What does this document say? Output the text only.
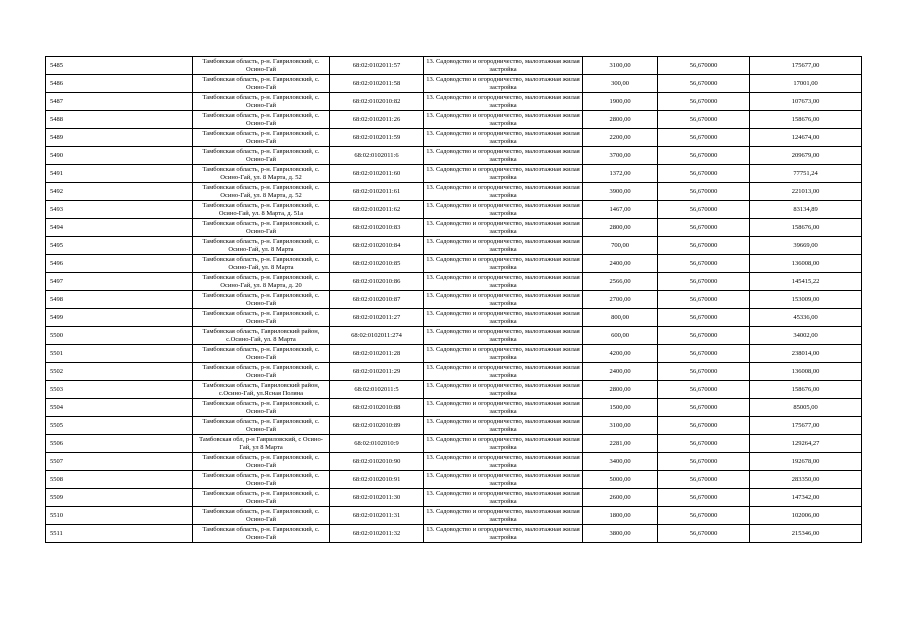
5485	Тамбовская область, р-н. Гавриловский, с. Осино-Гай	68:02:0102011:57	13. Садоводство и огородничество, малоэтажная жилая застройка	3100,00	56,670000	175677,00
5486	Тамбовская область, р-н. Гавриловский, с. Осино-Гай	68:02:0102011:58	13. Садоводство и огородничество, малоэтажная жилая застройка	300,00	56,670000	17001,00
5487	Тамбовская область, р-н. Гавриловский, с. Осино-Гай	68:02:0102010:82	13. Садоводство и огородничество, малоэтажная жилая застройка	1900,00	56,670000	107673,00
5488	Тамбовская область, р-н. Гавриловский, с. Осино-Гай	68:02:0102011:26	13. Садоводство и огородничество, малоэтажная жилая застройка	2800,00	56,670000	158676,00
5489	Тамбовская область, р-н. Гавриловский, с. Осино-Гай	68:02:0102011:59	13. Садоводство и огородничество, малоэтажная жилая застройка	2200,00	56,670000	124674,00
5490	Тамбовская область, р-н. Гавриловский, с. Осино-Гай	68:02:0102011:6	13. Садоводство и огородничество, малоэтажная жилая застройка	3700,00	56,670000	209679,00
5491	Тамбовская область, р-н. Гавриловский, с. Осино-Гай, ул. 8 Марта, д. 52	68:02:0102011:60	13. Садоводство и огородничество, малоэтажная жилая застройка	1372,00	56,670000	77751,24
5492	Тамбовская область, р-н. Гавриловский, с. Осино-Гай, ул. 8 Марта, д. 52	68:02:0102011:61	13. Садоводство и огородничество, малоэтажная жилая застройка	3900,00	56,670000	221013,00
5493	Тамбовская область, р-н. Гавриловский, с. Осино-Гай, ул. 8 Марта, д. 51а	68:02:0102011:62	13. Садоводство и огородничество, малоэтажная жилая застройка	1467,00	56,670000	83134,89
5494	Тамбовская область, р-н. Гавриловский, с. Осино-Гай	68:02:0102010:83	13. Садоводство и огородничество, малоэтажная жилая застройка	2800,00	56,670000	158676,00
5495	Тамбовская область, р-н. Гавриловский, с. Осино-Гай, ул. 8 Марта	68:02:0102010:84	13. Садоводство и огородничество, малоэтажная жилая застройка	700,00	56,670000	39669,00
5496	Тамбовская область, р-н. Гавриловский, с. Осино-Гай, ул. 8 Марта	68:02:0102010:85	13. Садоводство и огородничество, малоэтажная жилая застройка	2400,00	56,670000	136008,00
5497	Тамбовская область, р-н. Гавриловский, с. Осино-Гай, ул. 8 Марта, д. 20	68:02:0102010:86	13. Садоводство и огородничество, малоэтажная жилая застройка	2566,00	56,670000	145415,22
5498	Тамбовская область, р-н. Гавриловский, с. Осино-Гай	68:02:0102010:87	13. Садоводство и огородничество, малоэтажная жилая застройка	2700,00	56,670000	153009,00
5499	Тамбовская область, р-н. Гавриловский, с. Осино-Гай	68:02:0102011:27	13. Садоводство и огородничество, малоэтажная жилая застройка	800,00	56,670000	45336,00
5500	Тамбовская область, Гавриловский район, с.Осино-Гай, ул. 8 Марта	68:02:0102011:274	13. Садоводство и огородничество, малоэтажная жилая застройка	600,00	56,670000	34002,00
5501	Тамбовская область, р-н. Гавриловский, с. Осино-Гай	68:02:0102011:28	13. Садоводство и огородничество, малоэтажная жилая застройка	4200,00	56,670000	238014,00
5502	Тамбовская область, р-н. Гавриловский, с. Осино-Гай	68:02:0102011:29	13. Садоводство и огородничество, малоэтажная жилая застройка	2400,00	56,670000	136008,00
5503	Тамбовская область, Гавриловский район, с.Осино-Гай, ул.Ясная Поляна	68:02:0102011:5	13. Садоводство и огородничество, малоэтажная жилая застройка	2800,00	56,670000	158676,00
5504	Тамбовская область, р-н. Гавриловский, с. Осино-Гай	68:02:0102010:88	13. Садоводство и огородничество, малоэтажная жилая застройка	1500,00	56,670000	85005,00
5505	Тамбовская область, р-н. Гавриловский, с. Осино-Гай	68:02:0102010:89	13. Садоводство и огородничество, малоэтажная жилая застройка	3100,00	56,670000	175677,00
5506	Тамбовская обл, р-н Гавриловский, с Осино-Гай, ул 8 Марта	68:02:0102010:9	13. Садоводство и огородничество, малоэтажная жилая застройка	2281,00	56,670000	129264,27
5507	Тамбовская область, р-н. Гавриловский, с. Осино-Гай	68:02:0102010:90	13. Садоводство и огородничество, малоэтажная жилая застройка	3400,00	56,670000	192678,00
5508	Тамбовская область, р-н. Гавриловский, с. Осино-Гай	68:02:0102010:91	13. Садоводство и огородничество, малоэтажная жилая застройка	5000,00	56,670000	283350,00
5509	Тамбовская область, р-н. Гавриловский, с. Осино-Гай	68:02:0102011:30	13. Садоводство и огородничество, малоэтажная жилая застройка	2600,00	56,670000	147342,00
5510	Тамбовская область, р-н. Гавриловский, с. Осино-Гай	68:02:0102011:31	13. Садоводство и огородничество, малоэтажная жилая застройка	1800,00	56,670000	102006,00
5511	Тамбовская область, р-н. Гавриловский, с. Осино-Гай	68:02:0102011:32	13. Садоводство и огородничество, малоэтажная жилая застройка	3800,00	56,670000	215346,00
